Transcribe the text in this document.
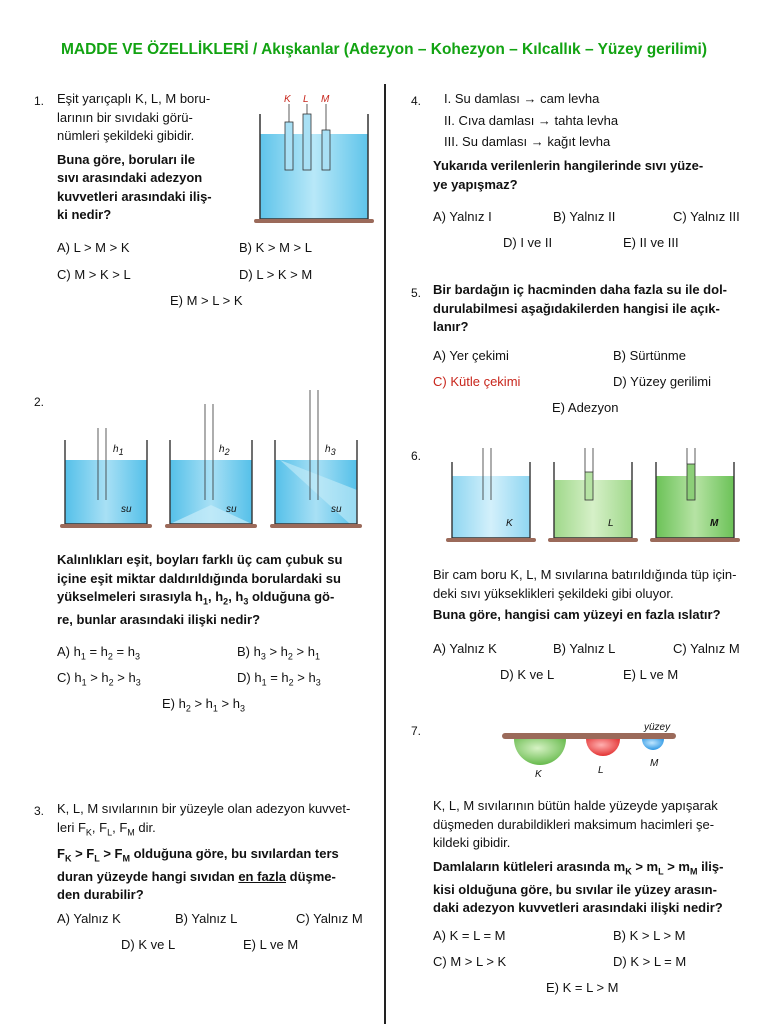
MADDE VE ÖZELLİKLERİ / Akışkanlar (Adezyon – Kohezyon – Kılcallık – Yüzey gerilimi)
1. Eşit yarıçaplı K, L, M boru-
larının bir sıvıdaki görü-
nümleri şekildeki gibidir.
Buna göre, boruları ile
sıvı arasındaki adezyon
kuvvetleri arasındaki iliş-
ki nedir?
K L M
A) L > M > K	B) K > M > L
C) M > K > L	D) L > K > M
E) M > L > K
2.
$h_1$	$h_2$	$h_3$
su	su	su
Kalınlıkları eşit, boyları farklı üç cam çubuk su
içine eşit miktar daldırıldığında borulardaki su
yükselmeleri sırasıyla $h_1$, $h_2$, $h_3$ olduğuna gö-
re, bunlar arasındaki ilişki nedir?
A) $h_1 = h_2 = h_3$	B) $h_3 > h_2 > h_1$
C) $h_1 > h_2 > h_3$	D) $h_1 = h_2 > h_3$
E) $h_2 > h_1 > h_3$
3. K, L, M sıvılarının bir yüzeyle olan adezyon kuvvet-
leri $F_K$, $F_L$, $F_M$ dir.
$F_K > F_L > F_M$ olduğuna göre, bu sıvılardan ters
duran yüzeyde hangi sıvıdan en fazla düşme-
den durabilir?
A) Yalnız K	B) Yalnız L	C) Yalnız M
D) K ve L	E) L ve M
4. I. Su damlası → cam levha
II. Cıva damlası → tahta levha
III. Su damlası → kağıt levha
Yukarıda verilenlerin hangilerinde sıvı yüze-
ye yapışmaz?
A) Yalnız I	B) Yalnız II	C) Yalnız III
D) I ve II	E) II ve III
5. Bir bardağın iç hacminden daha fazla su ile dol-
durulabilmesi aşağıdakilerden hangisi ile açık-
lanır?
A) Yer çekimi	B) Sürtünme
C) Kütle çekimi	D) Yüzey gerilimi
E) Adezyon
6.
K	L	M
Bir cam boru K, L, M sıvılarına batırıldığında tüp için-
deki sıvı yükseklikleri şekildeki gibi oluyor.
Buna göre, hangisi cam yüzeyi en fazla ıslatır?
A) Yalnız K	B) Yalnız L	C) Yalnız M
D) K ve L	E) L ve M
7.	yüzey
K	L
M
K, L, M sıvılarının bütün halde yüzeyde yapışarak
düşmeden durabildikleri maksimum hacimleri şe-
kildeki gibidir.
Damlaların kütleleri arasında $m_K > m_L > m_M$ iliş-
kisi olduğuna göre, bu sıvılar ile yüzey arasın-
daki adezyon kuvvetleri arasındaki ilişki nedir?
A) K = L = M	B) K > L > M
C) M > L > K	D) K > L = M
E) K = L > M
